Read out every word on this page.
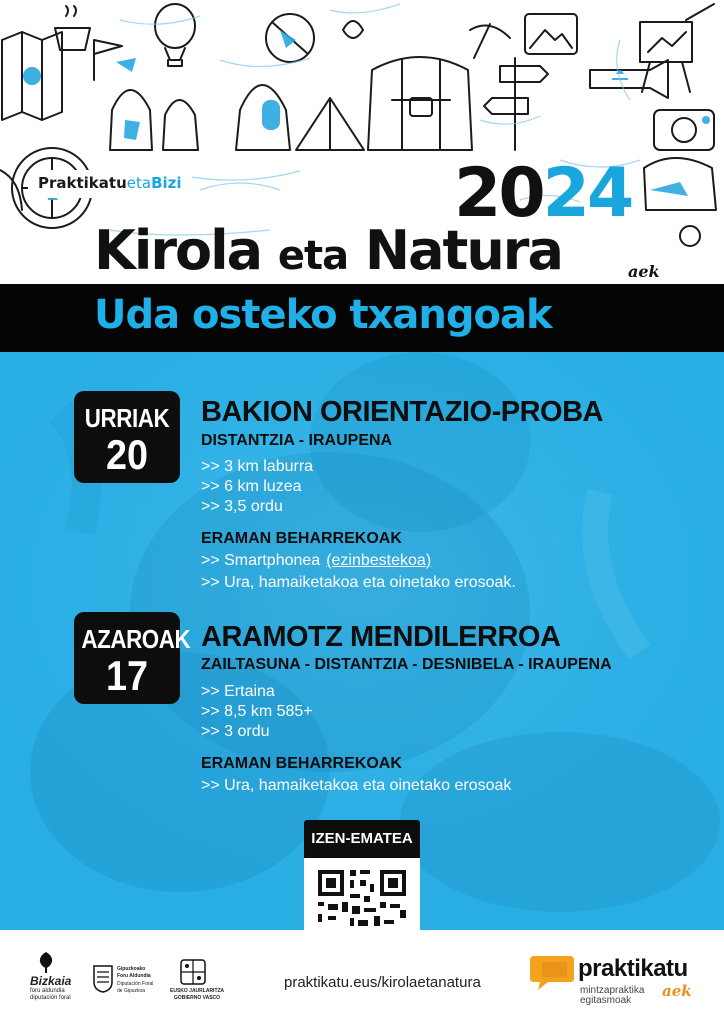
PraktikatuetaBizi	2024
Kirola eta Natura	aek
Uda osteko txangoak
URRIAK
20
BAKION ORIENTAZIO-PROBA
DISTANTZIA - IRAUPENA
>> 3 km laburra
>> 6 km luzea
>> 3,5 ordu
ERAMAN BEHARREKOAK
>> Smartphonea (ezinbestekoa)
>> Ura, hamaiketakoa eta oinetako erosoak.
AZAROAK
17
ARAMOTZ MENDILERROA
ZAILTASUNA - DISTANTZIA - DESNIBELA - IRAUPENA
>> Ertaina
>> 8,5 km 585+
>> 3 ordu
ERAMAN BEHARREKOAK
>> Ura, hamaiketakoa eta oinetako erosoak
IZEN-EMATEA
Bizkaia
foru aldundia
diputación foral
Gipuzkoako
Foru Aldundia
Diputación Foral
de Gipuzkoa	EUSKO JAURLARITZA
GOBIERNO VASCO
praktikatu.eus/kirolaetanatura
praktikatu
mintzapraktika
egitasmoak
aek
